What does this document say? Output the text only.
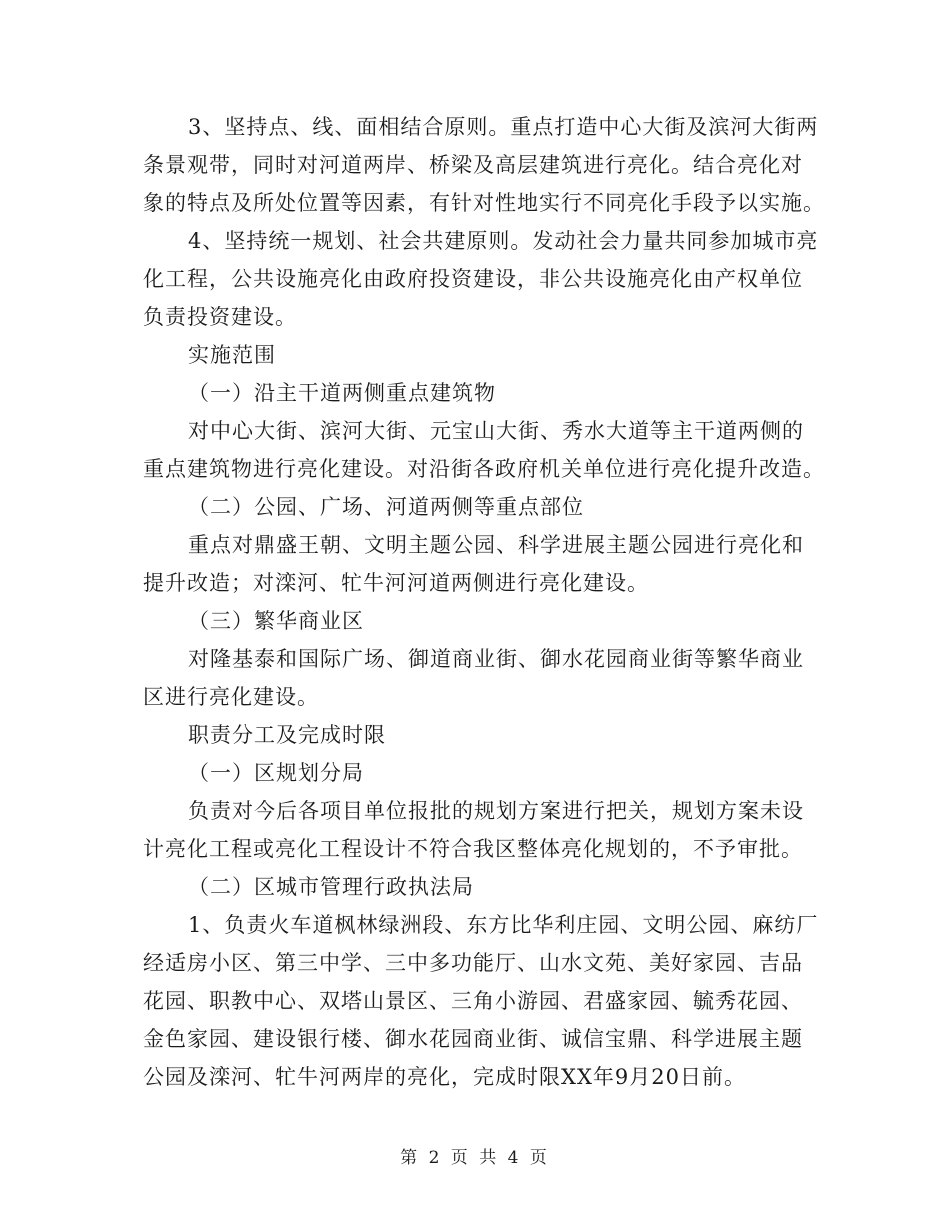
3、坚持点、线、面相结合原则。重点打造中心大街及滨河大街两
条景观带，同时对河道两岸、桥梁及高层建筑进行亮化。结合亮化对
象的特点及所处位置等因素，有针对性地实行不同亮化手段予以实施。
4、坚持统一规划、社会共建原则。发动社会力量共同参加城市亮
化工程，公共设施亮化由政府投资建设，非公共设施亮化由产权单位
负责投资建设。
实施范围
（一）沿主干道两侧重点建筑物
对中心大街、滨河大街、元宝山大街、秀水大道等主干道两侧的
重点建筑物进行亮化建设。对沿街各政府机关单位进行亮化提升改造。
（二）公园、广场、河道两侧等重点部位
重点对鼎盛王朝、文明主题公园、科学进展主题公园进行亮化和
提升改造；对滦河、牤牛河河道两侧进行亮化建设。
（三）繁华商业区
对隆基泰和国际广场、御道商业街、御水花园商业街等繁华商业
区进行亮化建设。
职责分工及完成时限
（一）区规划分局
负责对今后各项目单位报批的规划方案进行把关，规划方案未设
计亮化工程或亮化工程设计不符合我区整体亮化规划的，不予审批。
（二）区城市管理行政执法局
1、负责火车道枫林绿洲段、东方比华利庄园、文明公园、麻纺厂
经适房小区、第三中学、三中多功能厅、山水文苑、美好家园、吉品
花园、职教中心、双塔山景区、三角小游园、君盛家园、毓秀花园、
金色家园、建设银行楼、御水花园商业街、诚信宝鼎、科学进展主题
公园及滦河、牤牛河两岸的亮化，完成时限XX年9月20日前。
第 2 页 共 4 页
